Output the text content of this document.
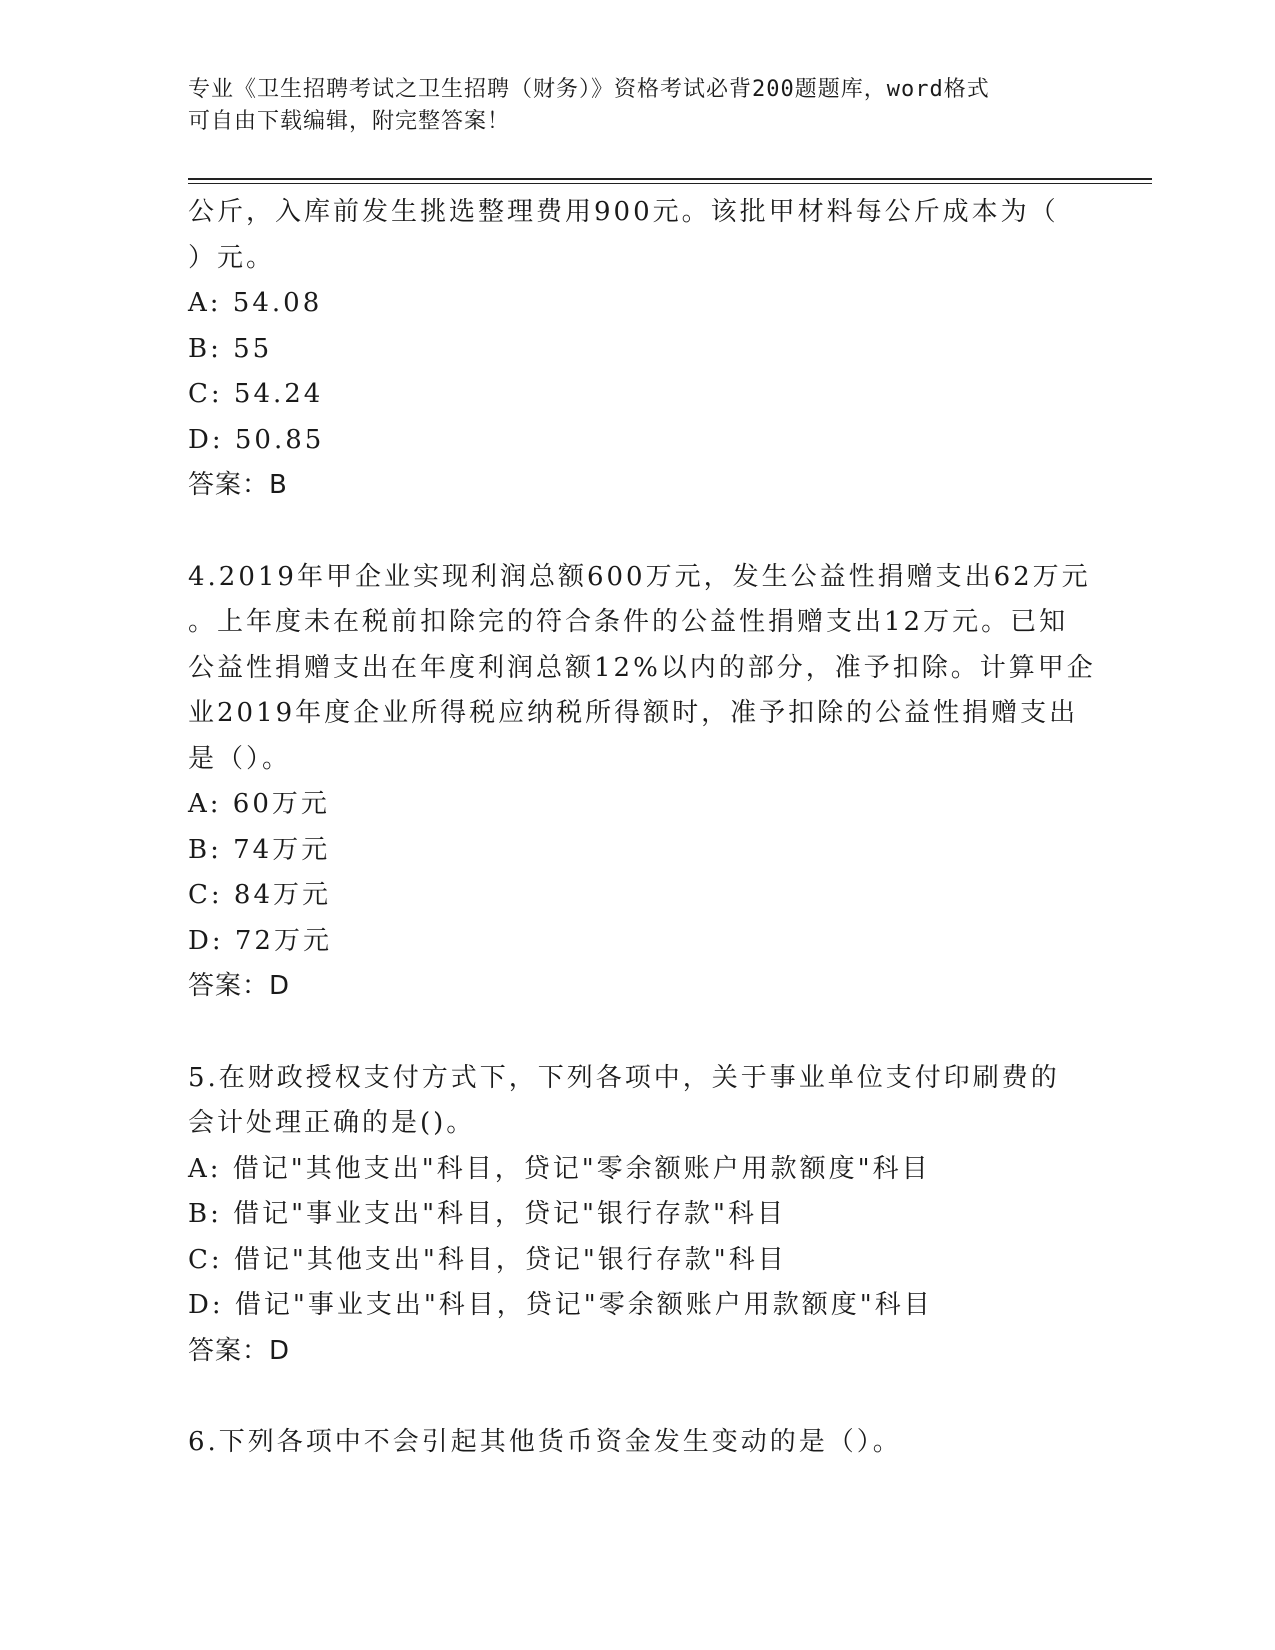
专业《卫生招聘考试之卫生招聘（财务）》资格考试必背200题题库，word格式
可自由下载编辑，附完整答案！
公斤，入库前发生挑选整理费用900元。该批甲材料每公斤成本为（
）元。
A: 54.08
B: 55
C: 54.24
D: 50.85
答案：B
4.2019年甲企业实现利润总额600万元，发生公益性捐赠支出62万元
。上年度未在税前扣除完的符合条件的公益性捐赠支出12万元。已知
公益性捐赠支出在年度利润总额12%以内的部分，准予扣除。计算甲企
业2019年度企业所得税应纳税所得额时，准予扣除的公益性捐赠支出
是（）。
A: 60万元
B: 74万元
C: 84万元
D: 72万元
答案：D
5.在财政授权支付方式下，下列各项中，关于事业单位支付印刷费的
会计处理正确的是()。
A: 借记"其他支出"科目，贷记"零余额账户用款额度"科目
B: 借记"事业支出"科目，贷记"银行存款"科目
C: 借记"其他支出"科目，贷记"银行存款"科目
D: 借记"事业支出"科目，贷记"零余额账户用款额度"科目
答案：D
6.下列各项中不会引起其他货币资金发生变动的是（）。
